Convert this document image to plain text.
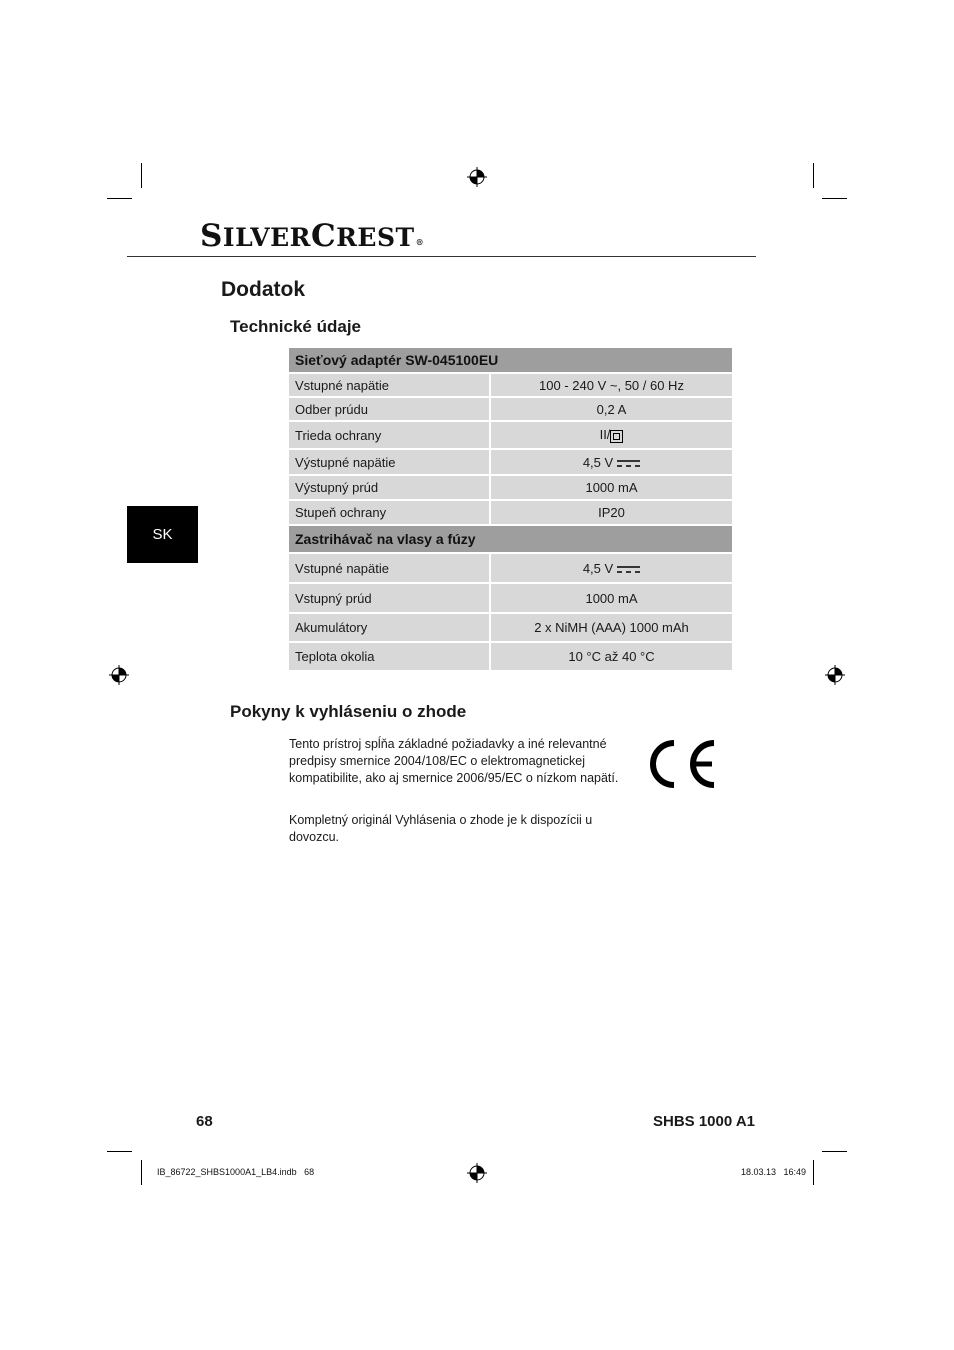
SILVERCREST®
Dodatok
SK
Technické údaje
Sieťový adaptér SW-045100EU	
Vstupné napätie	100 - 240 V ~, 50 / 60 Hz
Odber prúdu	0,2 A
Trieda ochrany	II/
Výstupné napätie	4,5 V
Výstupný prúd	1000 mA
Stupeň ochrany	IP20
Zastrihávač na vlasy a fúzy	
Vstupné napätie	4,5 V
Vstupný prúd	1000 mA
Akumulátory	2 x NiMH (AAA) 1000 mAh
Teplota okolia	10 °C až 40 °C
Pokyny k vyhláseniu o zhode

Tento prístroj spĺňa základné požiadavky a iné relevantné predpisy smernice 2004/108/EC o elektromagnetickej kompatibilite, ako aj smernice 2006/95/EC o nízkom napätí.

Kompletný originál Vyhlásenia o zhode je k dispozícii u dovozcu.

68	SHBS 1000 A1
IB_86722_SHBS1000A1_LB4.indb   68	18.03.13   16:49
